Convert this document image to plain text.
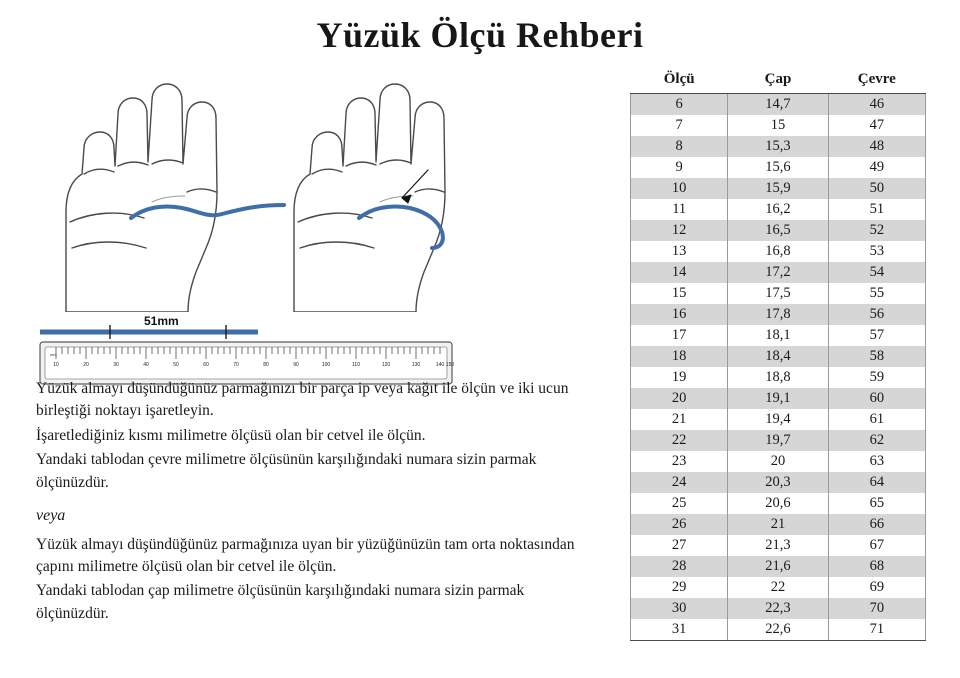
Yüzük Ölçü Rehberi
51mm
mm
10	20	30	40	50	60	70	80	90	100	110	120	130	140 150

Yüzük almayı düşündüğünüz parmağınızı bir parça ip veya kağıt ile ölçün ve iki ucun birleştiği noktayı işaretleyin.

İşaretlediğiniz kısmı milimetre ölçüsü olan bir cetvel ile ölçün.

Yandaki tablodan çevre milimetre ölçüsünün karşılığındaki numara sizin parmak ölçünüzdür.

veya

Yüzük almayı düşündüğünüz parmağınıza uyan bir yüzüğünüzün tam orta noktasından çapını milimetre ölçüsü olan bir cetvel ile ölçün.

Yandaki tablodan çap milimetre ölçüsünün karşılığındaki numara sizin parmak ölçünüzdür.

Ölçü	Çap	Çevre
6	14,7	46
7	15	47
8	15,3	48
9	15,6	49
10	15,9	50
11	16,2	51
12	16,5	52
13	16,8	53
14	17,2	54
15	17,5	55
16	17,8	56
17	18,1	57
18	18,4	58
19	18,8	59
20	19,1	60
21	19,4	61
22	19,7	62
23	20	63
24	20,3	64
25	20,6	65
26	21	66
27	21,3	67
28	21,6	68
29	22	69
30	22,3	70
31	22,6	71
